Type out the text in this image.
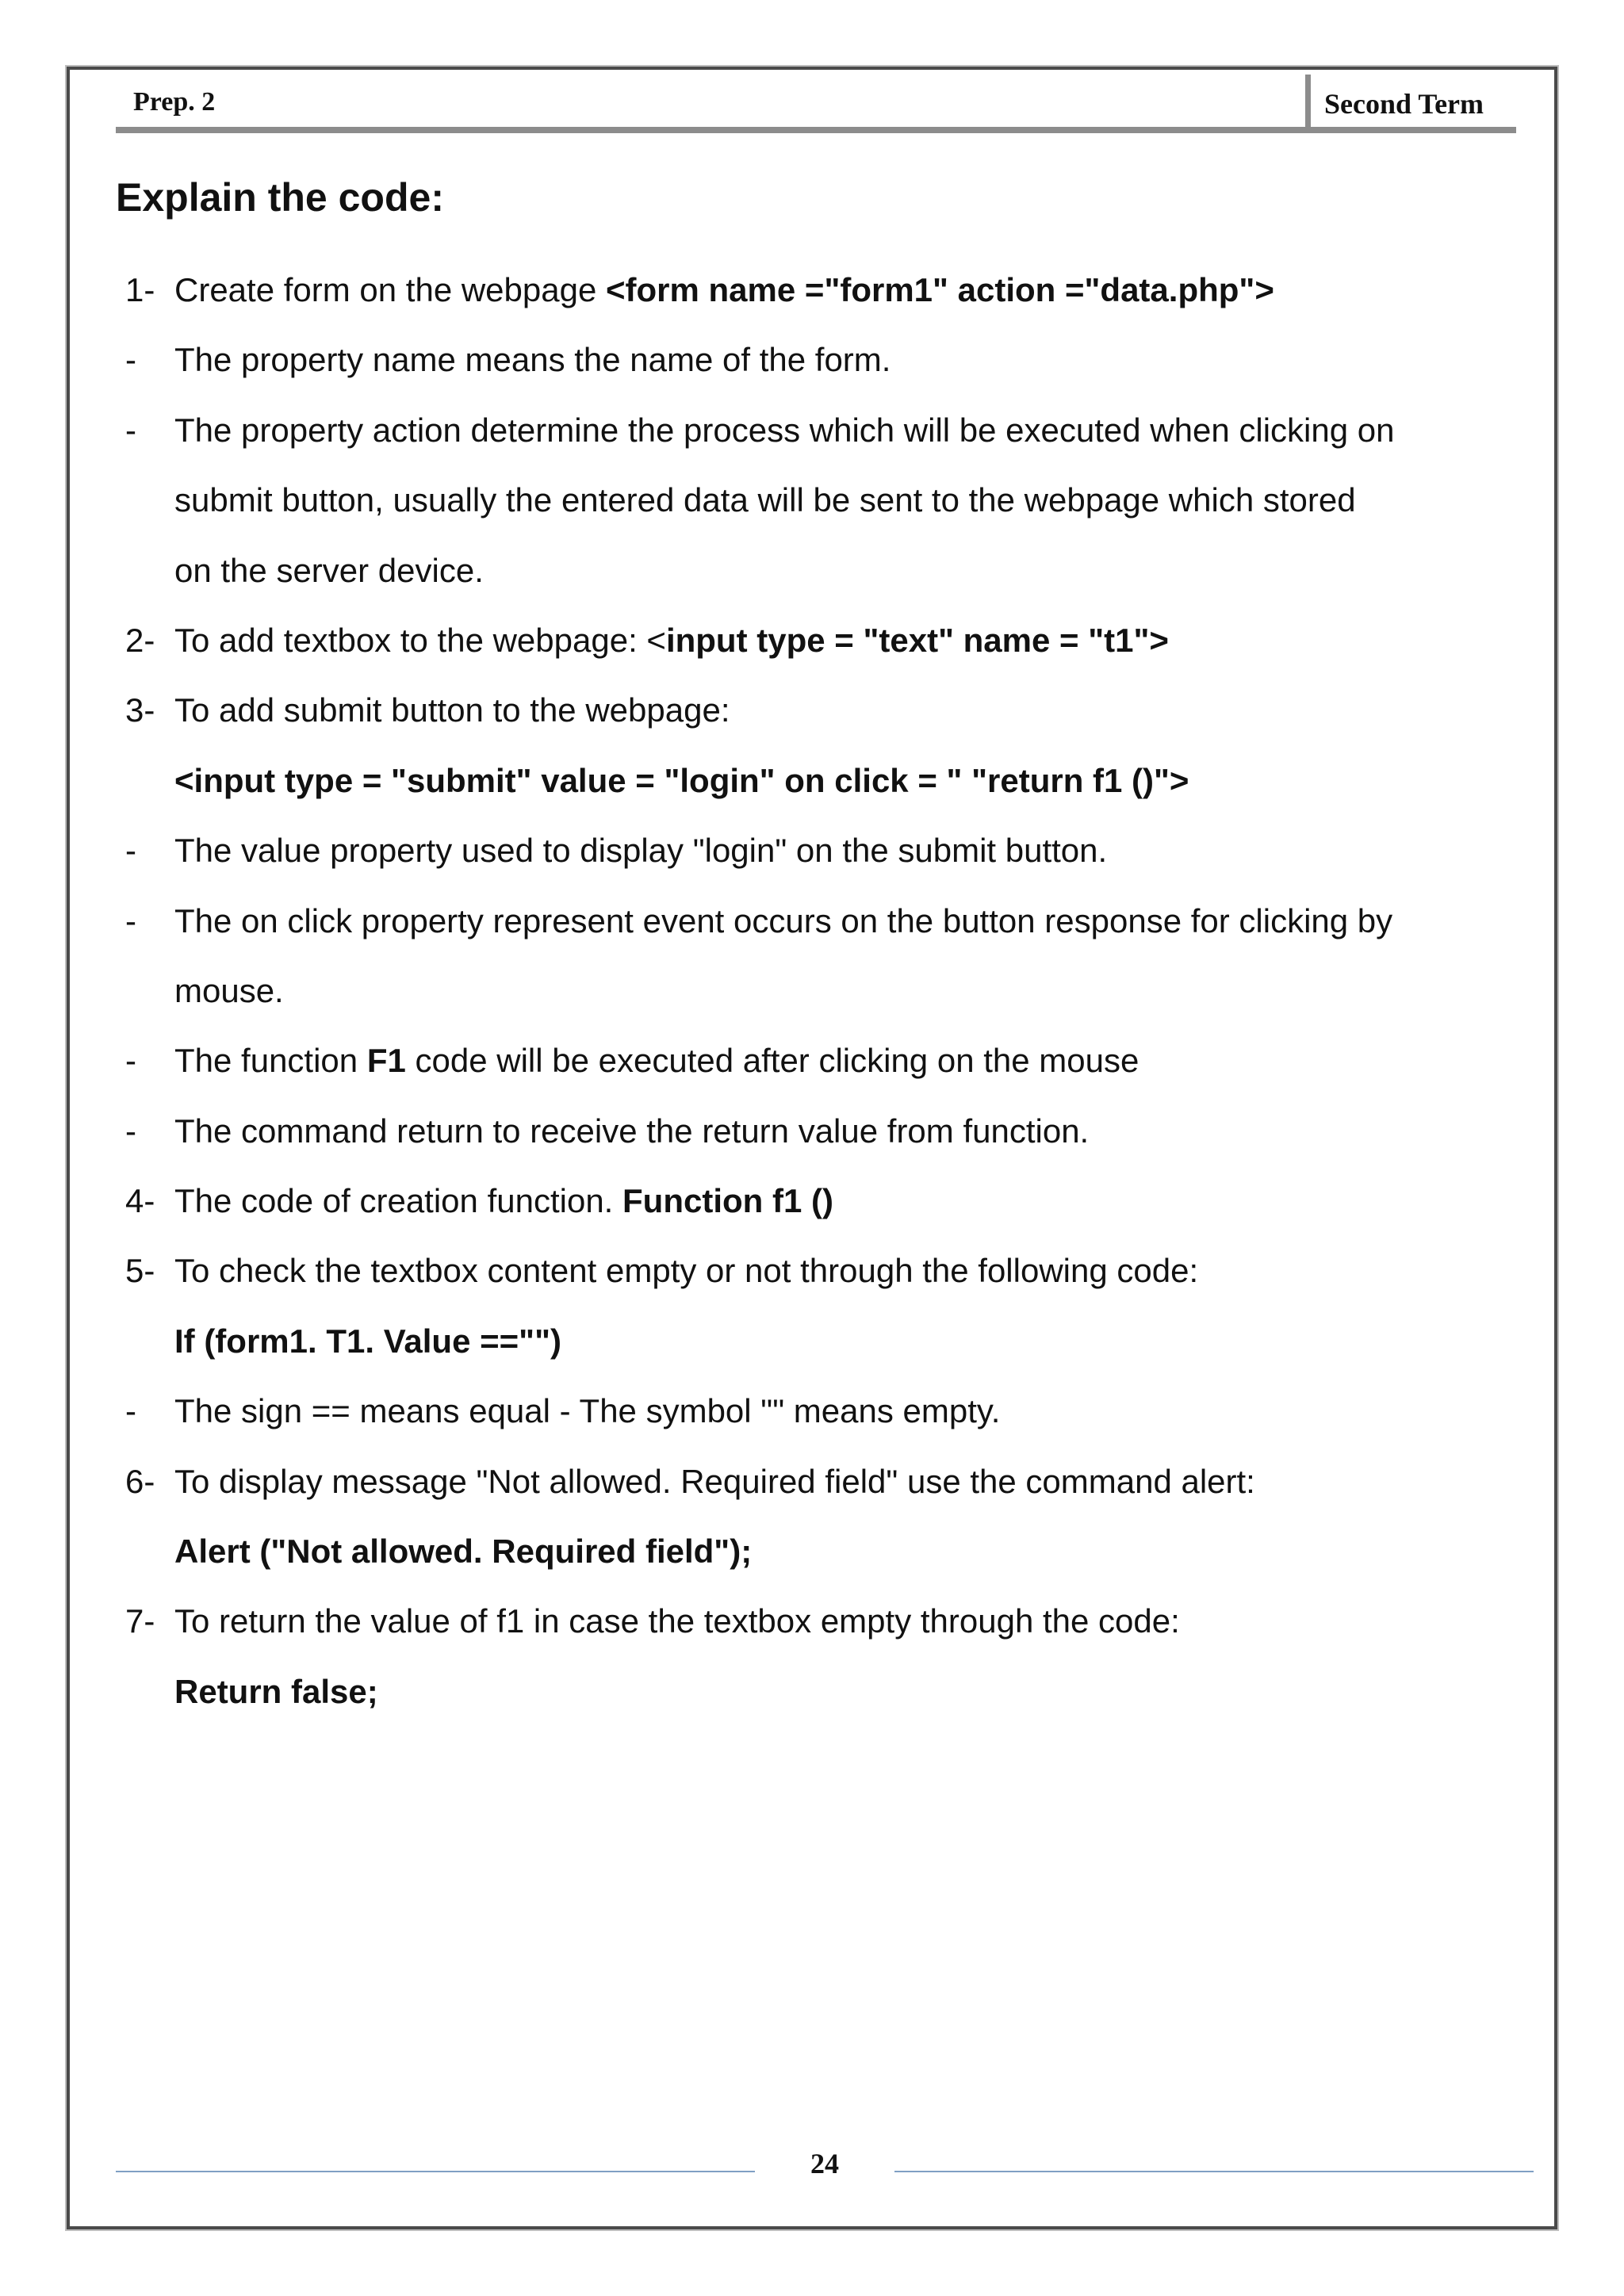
Prep. 2	Second Term
Explain the code:
1- Create form on the webpage <form name ="form1" action ="data.php">
- The property name means the name of the form.
- The property action determine the process which will be executed when clicking on
submit button, usually the entered data will be sent to the webpage which stored
on the server device.
2- To add textbox to the webpage: <input type = "text" name = "t1">
3- To add submit button to the webpage:
<input type = "submit" value = "login" on click = " "return f1 ()">
- The value property used to display "login" on the submit button.
- The on click property represent event occurs on the button response for clicking by
mouse.
- The function F1 code will be executed after clicking on the mouse
- The command return to receive the return value from function.
4- The code of creation function. Function f1 ()
5- To check the textbox content empty or not through the following code:
If (form1. T1. Value =="")
- The sign == means equal - The symbol "" means empty.
6- To display message "Not allowed. Required field" use the command alert:
Alert ("Not allowed. Required field");
7- To return the value of f1 in case the textbox empty through the code:
Return false;
24
